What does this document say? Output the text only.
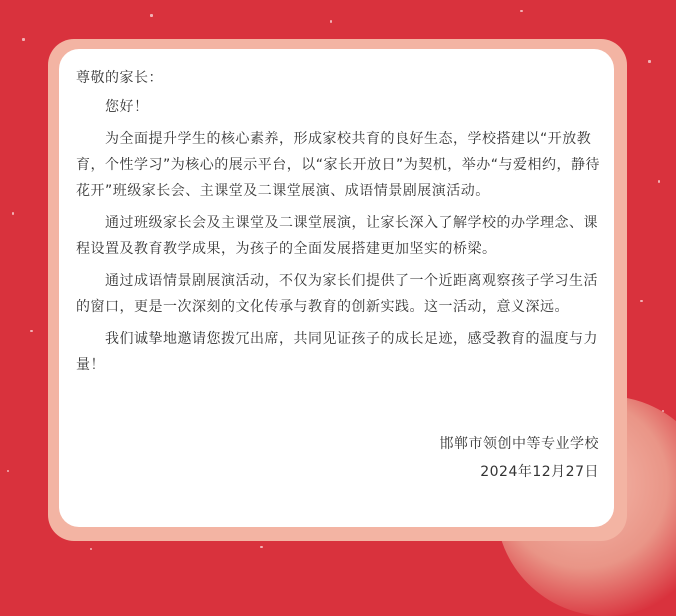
尊敬的家长：

您好！

为全面提升学生的核心素养，形成家校共育的良好生态，学校搭建以“开放教育，个性学习”为核心的展示平台，以“家长开放日”为契机，举办“与爱相约，静待花开”班级家长会、主课堂及二课堂展演、成语情景剧展演活动。

通过班级家长会及主课堂及二课堂展演，让家长深入了解学校的办学理念、课程设置及教育教学成果，为孩子的全面发展搭建更加坚实的桥梁。

通过成语情景剧展演活动，不仅为家长们提供了一个近距离观察孩子学习生活的窗口，更是一次深刻的文化传承与教育的创新实践。这一活动，意义深远。

我们诚挚地邀请您拨冗出席，共同见证孩子的成长足迹，感受教育的温度与力量！

邯郸市领创中等专业学校
2024年12月27日
